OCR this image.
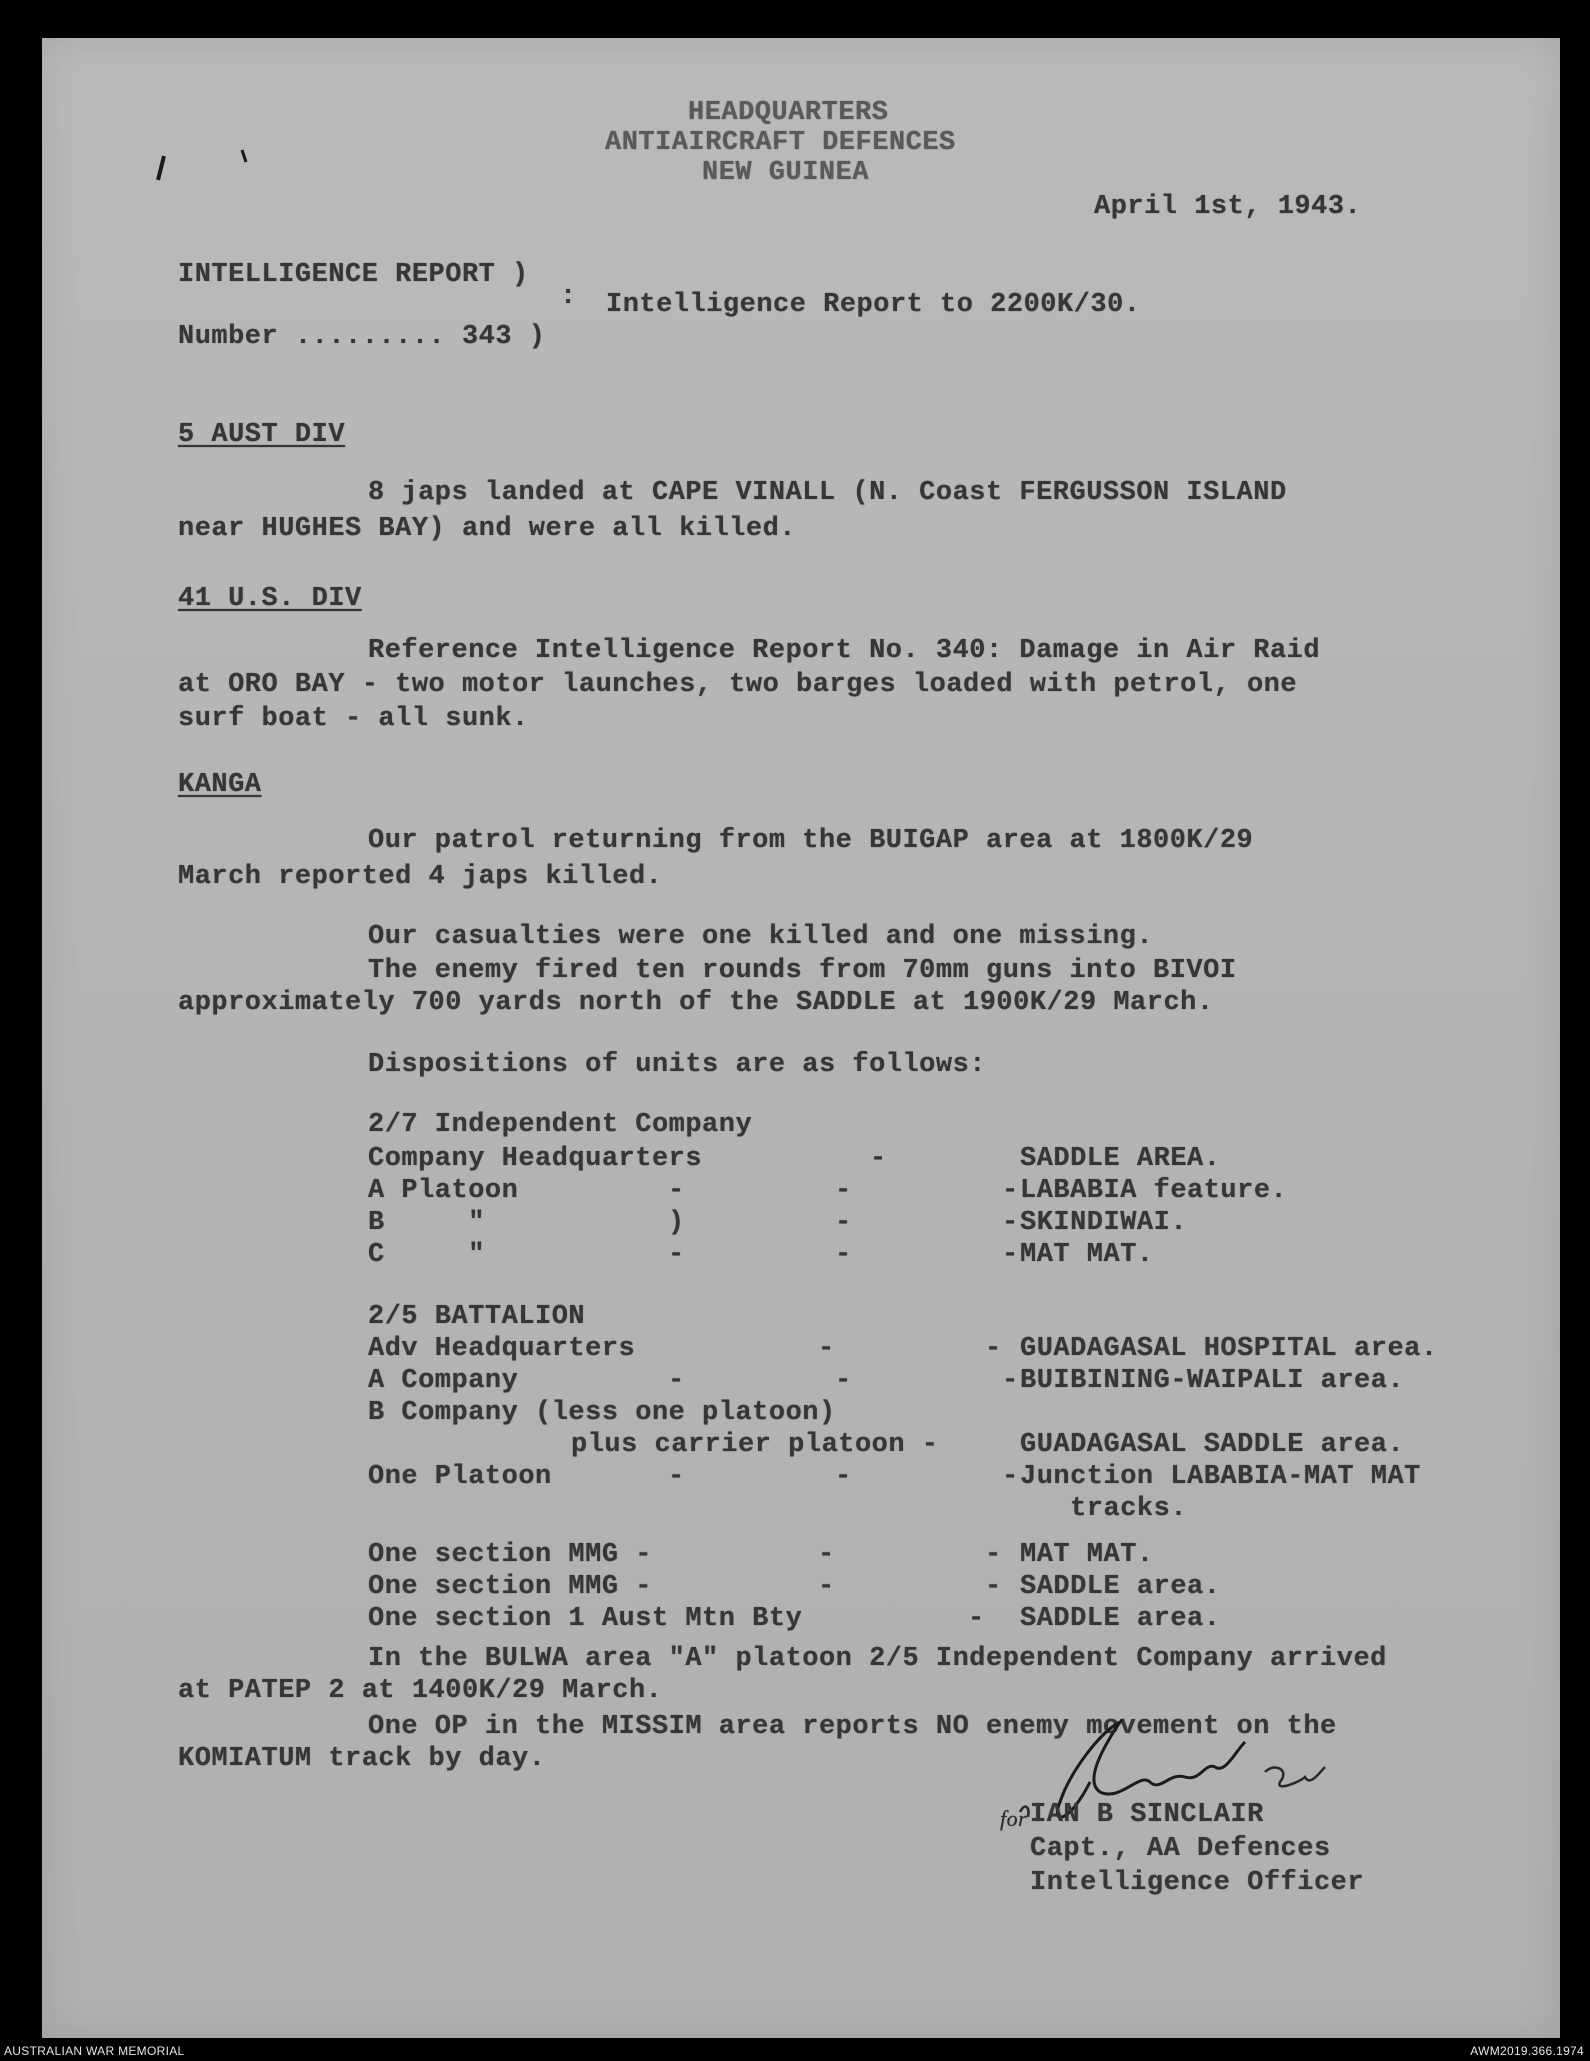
HEADQUARTERS
ANTIAIRCRAFT DEFENCES
NEW GUINEA
April 1st, 1943.
INTELLIGENCE REPORT )
: Intelligence Report to 2200K/30.
Number ......... 343 )
5 AUST DIV
8 japs landed at CAPE VINALL (N. Coast FERGUSSON ISLAND
near HUGHES BAY) and were all killed.
41 U.S. DIV
Reference Intelligence Report No. 340: Damage in Air Raid
at ORO BAY - two motor launches, two barges loaded with petrol, one
surf boat - all sunk.
KANGA
Our patrol returning from the BUIGAP area at 1800K/29
March reported 4 japs killed.
Our casualties were one killed and one missing.
The enemy fired ten rounds from 70mm guns into BIVOI
approximately 700 yards north of the SADDLE at 1900K/29 March.
Dispositions of units are as follows:
2/7 Independent Company
Company Headquarters	-	SADDLE AREA.
A Platoon	-         -         - LABABIA feature.
B     "	)         -         - SKINDIWAI.
C     "	-         -         - MAT MAT.
2/5 BATTALION
Adv Headquarters	-         - GUADAGASAL HOSPITAL area.
A Company	-         -         - BUIBINING-WAIPALI area.
B Company (less one platoon)
plus carrier platoon -	GUADAGASAL SADDLE area.
One Platoon	-         -         - Junction LABABIA-MAT MAT
tracks.
One section MMG -	-         - MAT MAT.
One section MMG -	-         - SADDLE area.
One section 1 Aust Mtn Bty	- SADDLE area.
In the BULWA area "A" platoon 2/5 Independent Company arrived
at PATEP 2 at 1400K/29 March.
One OP in the MISSIM area reports NO enemy movement on the
KOMIATUM track by day.
for IAN B SINCLAIR
Capt., AA Defences
Intelligence Officer
AUSTRALIAN WAR MEMORIAL	AWM2019.366.1974
